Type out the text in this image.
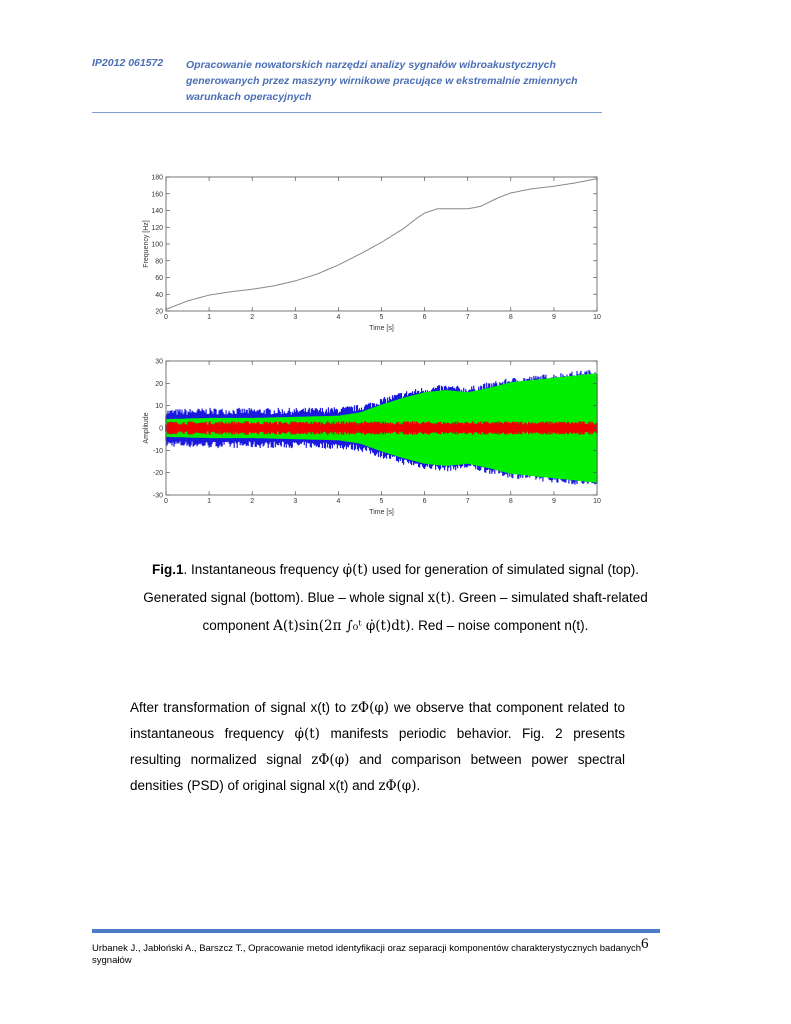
IP2012 061572 Opracowanie nowatorskich narzędzi analizy sygnałów wibroakustycznych generowanych przez maszyny wirnikowe pracujące w ekstremalnie zmiennych warunkach operacyjnych
0	1	2	3	4	5	6	7	8	9	10
20
40
60
80
100
120
140
160
180
Time [s]
Frequency [Hz]
0	1	2	3	4	5	6	7	8	9	10
-30
-20
-10
0
10
20
30
Time [s]
Amplitude
Fig.1. Instantaneous frequency φ̇(t) used for generation of simulated signal (top).
Generated signal (bottom). Blue – whole signal x(t). Green – simulated shaft-related
component A(t)sin(2π ∫₀ᵗ φ̇(t)dt). Red – noise component n(t).
After transformation of signal x(t) to zΦ(φ) we observe that component related to instantaneous frequency φ̇(t) manifests periodic behavior. Fig. 2 presents resulting normalized signal zΦ(φ) and comparison between power spectral densities (PSD) of original signal x(t) and zΦ(φ).
Urbanek J., Jabłoński A., Barszcz T., Opracowanie metod identyfikacji oraz separacji komponentów charakterystycznych badanych sygnałów
6
